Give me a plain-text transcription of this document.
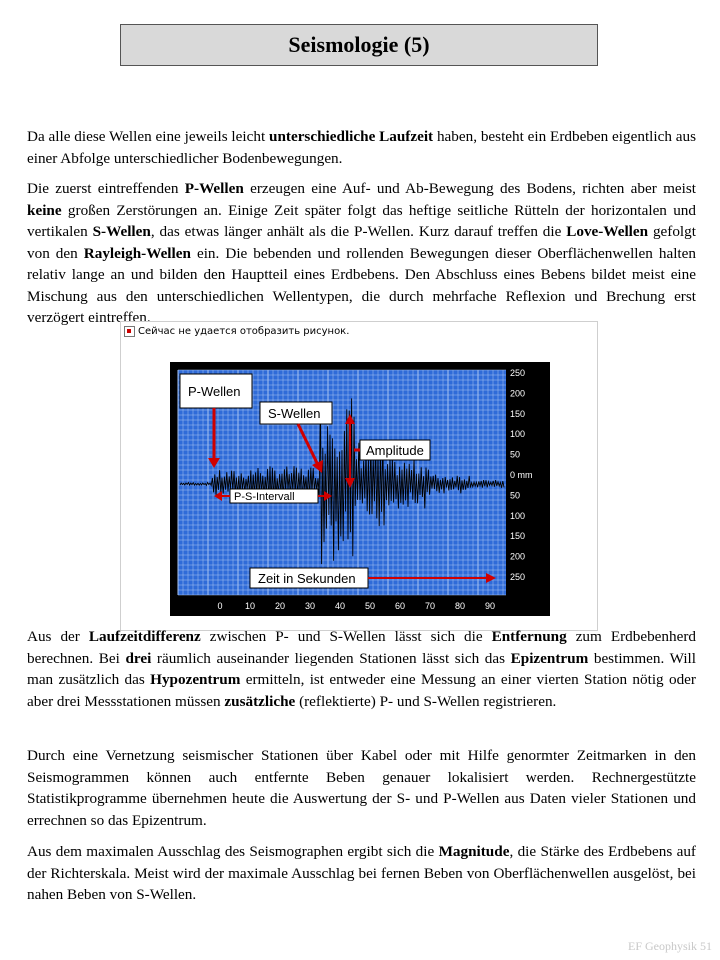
Seismologie (5)

Da alle diese Wellen eine jeweils leicht unterschiedliche Laufzeit haben, besteht ein Erdbeben eigentlich aus einer Abfolge unterschiedlicher Bodenbewegungen.

Die zuerst eintreffenden P-Wellen erzeugen eine Auf- und Ab-Bewegung des Bodens, richten aber meist keine großen Zerstörungen an. Einige Zeit später folgt das heftige seitliche Rütteln der horizontalen und vertikalen S-Wellen, das etwas länger anhält als die P-Wellen. Kurz darauf treffen die Love-Wellen gefolgt von den Rayleigh-Wellen ein. Die bebenden und rollenden Bewegungen dieser Oberflächenwellen halten relativ lange an und bilden den Hauptteil eines Erdbebens. Den Abschluss eines Bebens bildet meist eine Mischung aus den unterschiedlichen Wellentypen, die durch mehrfache Reflexion und Brechung erst verzögert eintreffen.

Сейчас не удается отобразить рисунок.
250
200
150
100
50
0 mm
50
100
150
200
250
0 10 20 30 40 50 60 70 80 90
P-Wellen
S-Wellen
Amplitude
P-S-Intervall
Zeit in Sekunden

Aus der Laufzeitdifferenz zwischen P- und S-Wellen lässt sich die Entfernung zum Erdbebenherd berechnen. Bei drei räumlich auseinander liegenden Stationen lässt sich das Epizentrum bestimmen. Will man zusätzlich das Hypozentrum ermitteln, ist entweder eine Messung an einer vierten Station nötig oder aber drei Messstationen müssen zusätzliche (reflektierte) P- und S-Wellen registrieren.

Durch eine Vernetzung seismischer Stationen über Kabel oder mit Hilfe genormter Zeitmarken in den Seismogrammen können auch entfernte Beben genauer lokalisiert werden. Rechnergestützte Statistikprogramme übernehmen heute die Auswertung der S- und P-Wellen aus Daten vieler Stationen und errechnen so das Epizentrum.

Aus dem maximalen Ausschlag des Seismographen ergibt sich die Magnitude, die Stärke des Erdbebens auf der Richterskala. Meist wird der maximale Ausschlag bei fernen Beben von Oberflächenwellen ausgelöst, bei nahen Beben von S-Wellen.

EF Geophysik 51
